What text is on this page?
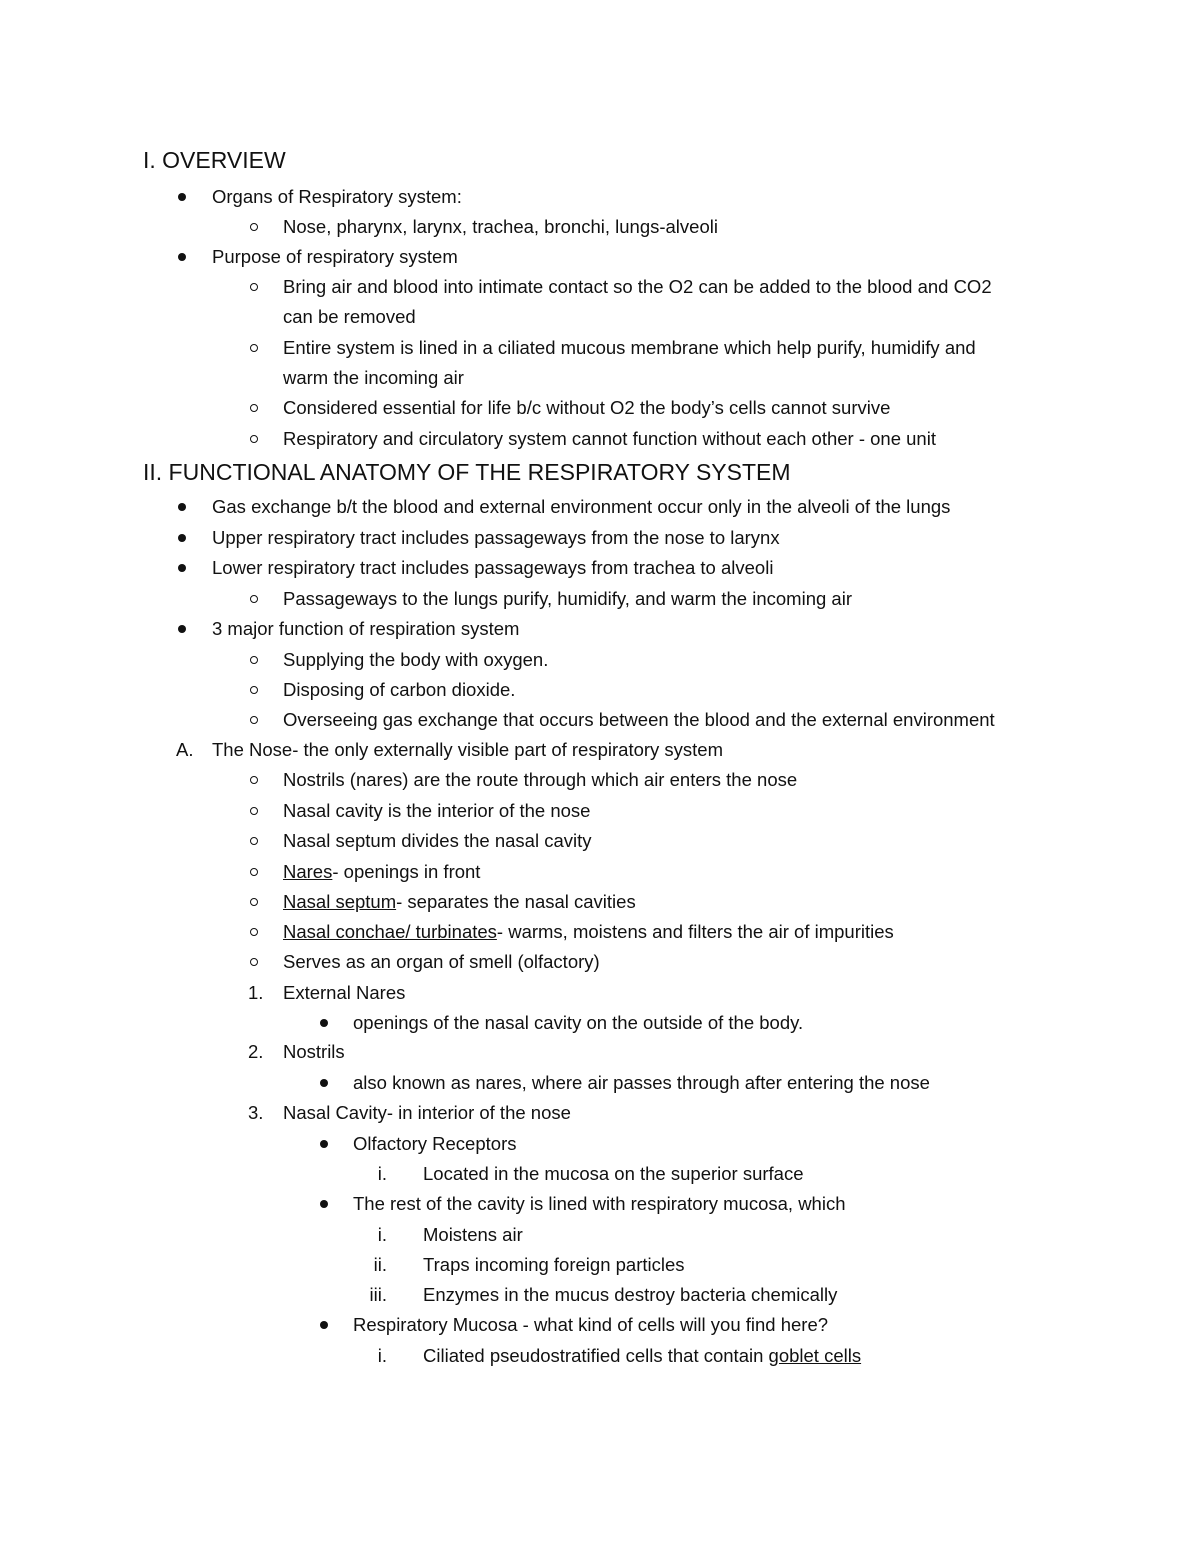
I. OVERVIEW
Organs of Respiratory system:
Nose, pharynx, larynx, trachea, bronchi, lungs-alveoli
Purpose of respiratory system
Bring air and blood into intimate contact so the O2 can be added to the blood and CO2
can be removed
Entire system is lined in a ciliated mucous membrane which help purify, humidify and
warm the incoming air
Considered essential for life b/c without O2 the body’s cells cannot survive
Respiratory and circulatory system cannot function without each other - one unit
II. FUNCTIONAL ANATOMY OF THE RESPIRATORY SYSTEM
Gas exchange b/t the blood and external environment occur only in the alveoli of the lungs
Upper respiratory tract includes passageways from the nose to larynx
Lower respiratory tract includes passageways from trachea to alveoli
Passageways to the lungs purify, humidify, and warm the incoming air
3 major function of respiration system
Supplying the body with oxygen.
Disposing of carbon dioxide.
Overseeing gas exchange that occurs between the blood and the external environment
A.	The Nose- the only externally visible part of respiratory system
Nostrils (nares) are the route through which air enters the nose
Nasal cavity is the interior of the nose
Nasal septum divides the nasal cavity
Nares- openings in front
Nasal septum- separates the nasal cavities
Nasal conchae/ turbinates- warms, moistens and filters the air of impurities
Serves as an organ of smell (olfactory)
1.	External Nares
openings of the nasal cavity on the outside of the body.
2.	Nostrils
also known as nares, where air passes through after entering the nose
3.	Nasal Cavity- in interior of the nose
Olfactory Receptors
i. Located in the mucosa on the superior surface
The rest of the cavity is lined with respiratory mucosa, which
i. Moistens air
ii. Traps incoming foreign particles
iii. Enzymes in the mucus destroy bacteria chemically
Respiratory Mucosa - what kind of cells will you find here?
i. Ciliated pseudostratified cells that contain goblet cells
